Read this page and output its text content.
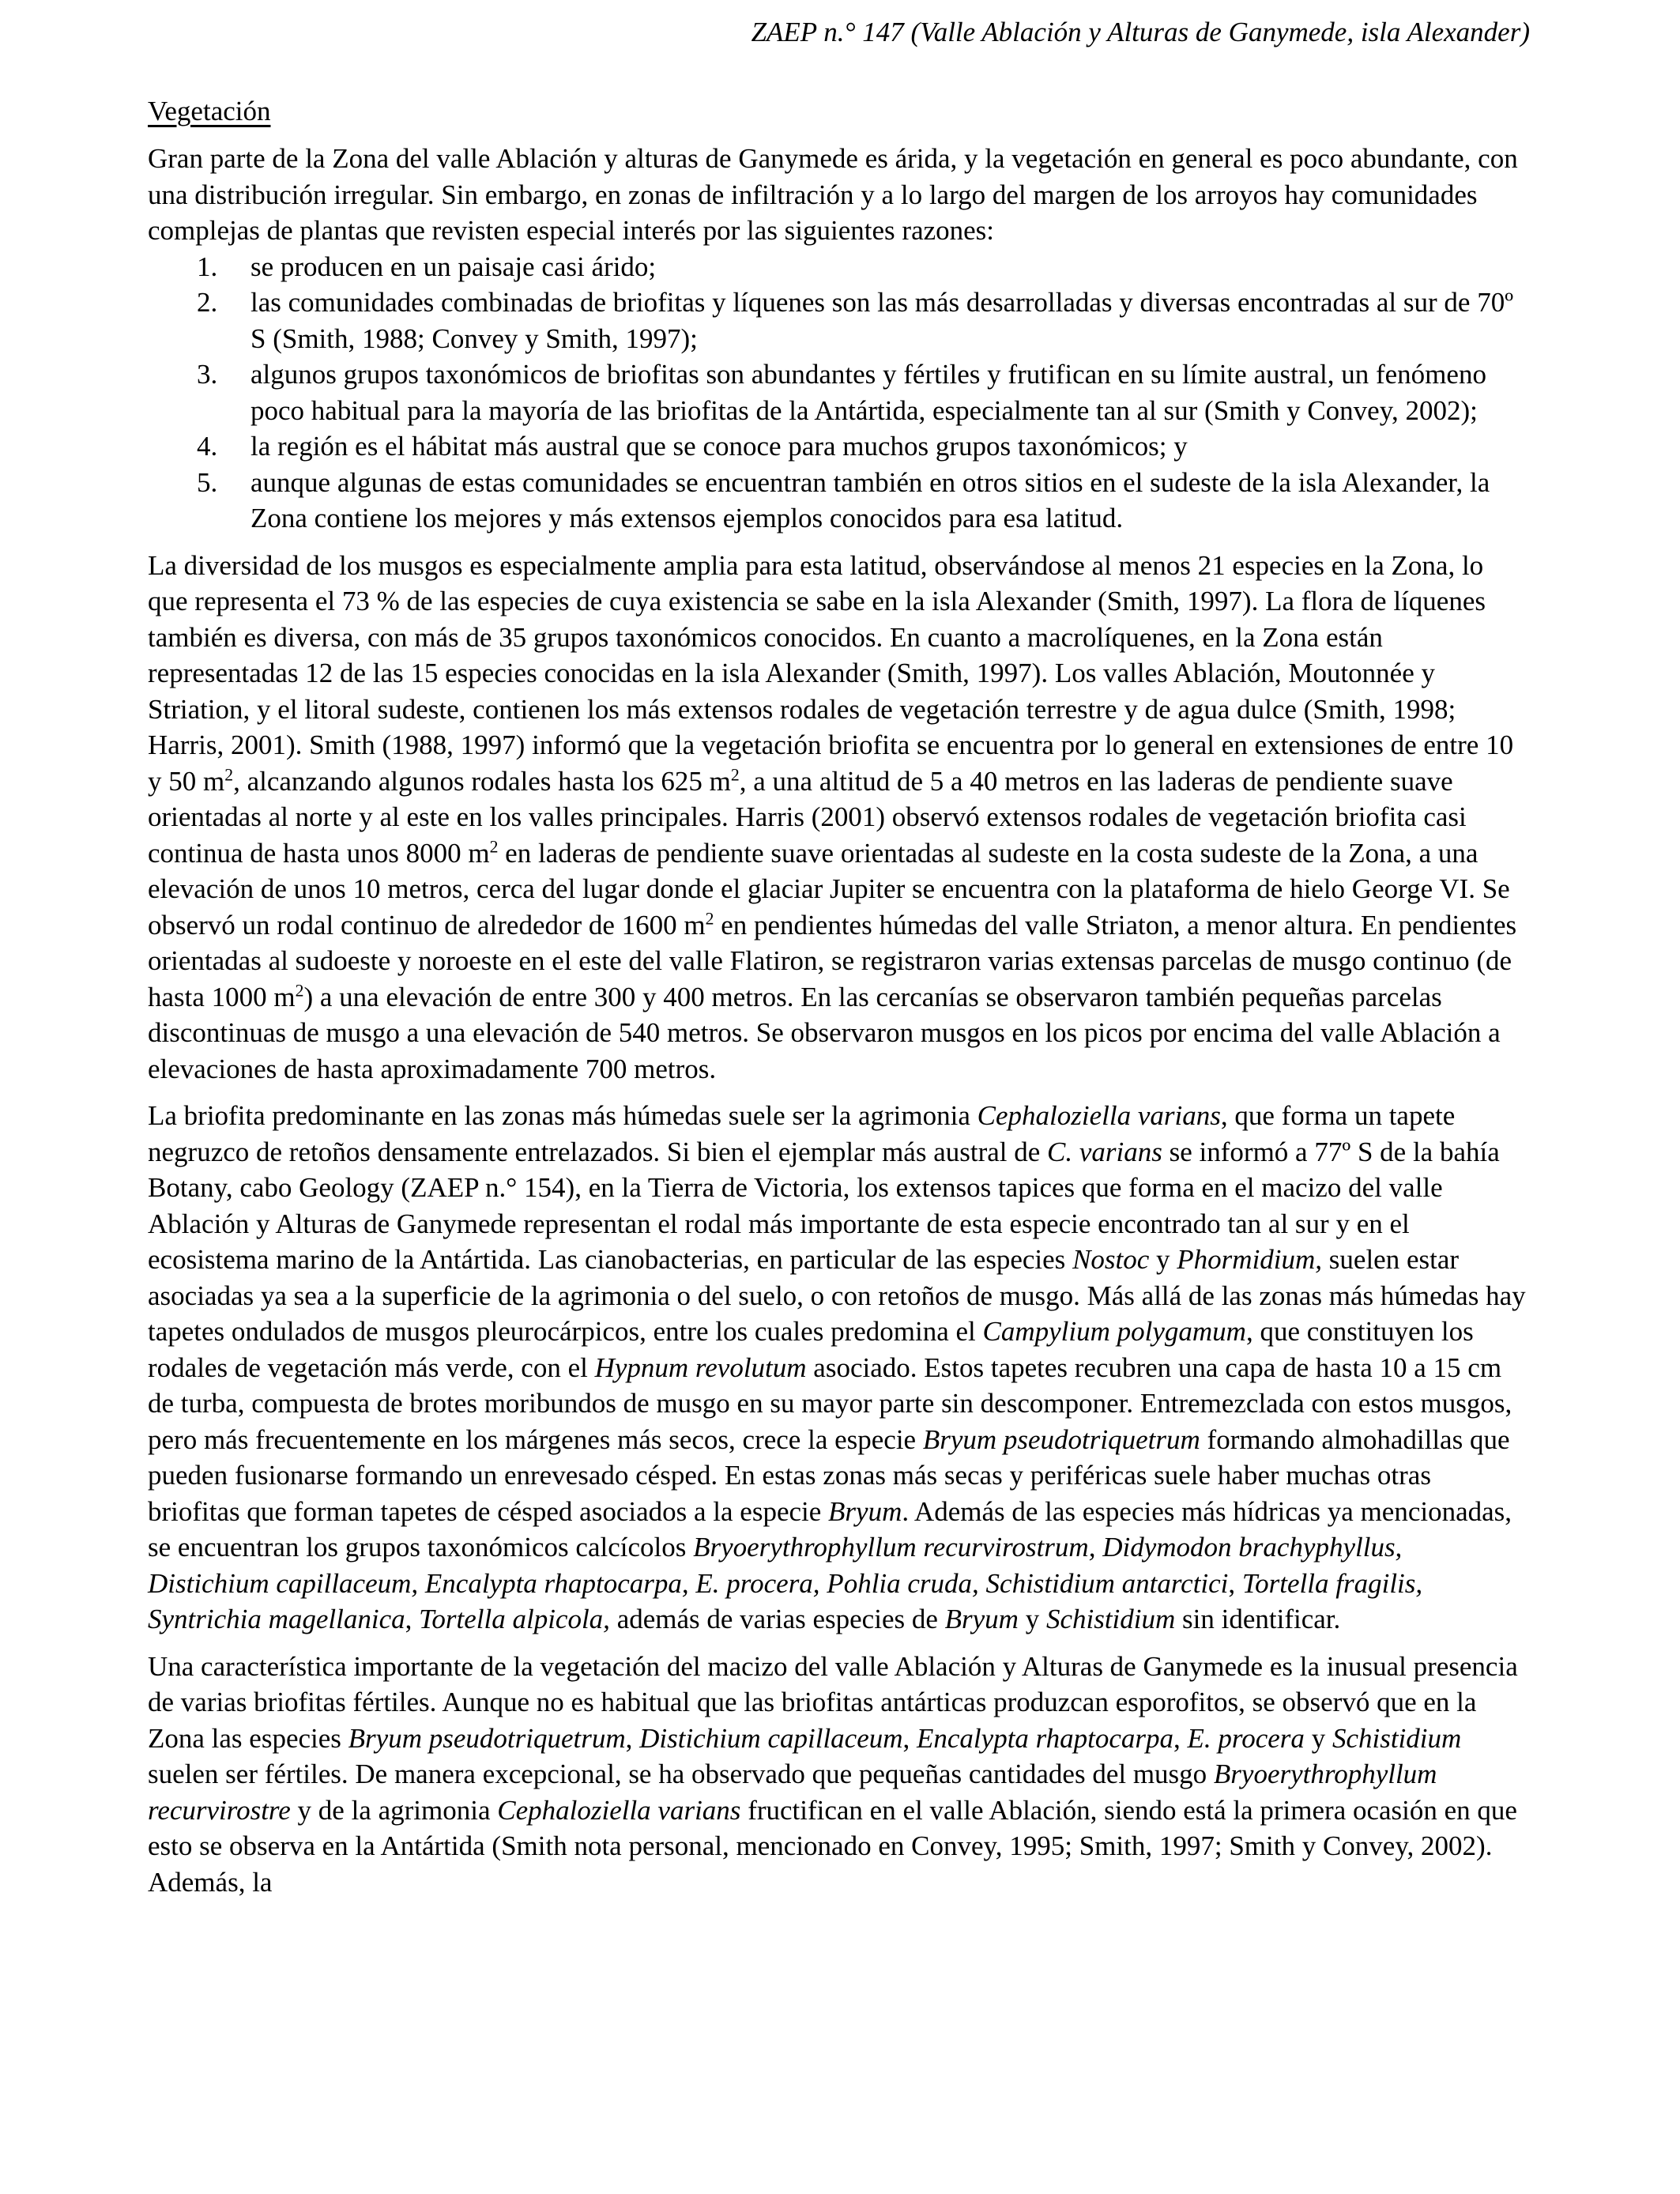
ZAEP n.° 147 (Valle Ablación y Alturas de Ganymede, isla Alexander)
Vegetación

Gran parte de la Zona del valle Ablación y alturas de Ganymede es árida, y la vegetación en general es poco abundante, con una distribución irregular. Sin embargo, en zonas de infiltración y a lo largo del margen de los arroyos hay comunidades complejas de plantas que revisten especial interés por las siguientes razones:

1.	se producen en un paisaje casi árido;
2.	las comunidades combinadas de briofitas y líquenes son las más desarrolladas y diversas encontradas al sur de 70º S (Smith, 1988; Convey y Smith, 1997);
3.	algunos grupos taxonómicos de briofitas son abundantes y fértiles y frutifican en su límite austral, un fenómeno poco habitual para la mayoría de las briofitas de la Antártida, especialmente tan al sur (Smith y Convey, 2002);
4.	la región es el hábitat más austral que se conoce para muchos grupos taxonómicos; y
5.	aunque algunas de estas comunidades se encuentran también en otros sitios en el sudeste de la isla Alexander, la Zona contiene los mejores y más extensos ejemplos conocidos para esa latitud.

La diversidad de los musgos es especialmente amplia para esta latitud, observándose al menos 21 especies en la Zona, lo que representa el 73 % de las especies de cuya existencia se sabe en la isla Alexander (Smith, 1997). La flora de líquenes también es diversa, con más de 35 grupos taxonómicos conocidos. En cuanto a macrolíquenes, en la Zona están representadas 12 de las 15 especies conocidas en la isla Alexander (Smith, 1997). Los valles Ablación, Moutonnée y Striation, y el litoral sudeste, contienen los más extensos rodales de vegetación terrestre y de agua dulce (Smith, 1998; Harris, 2001). Smith (1988, 1997) informó que la vegetación briofita se encuentra por lo general en extensiones de entre 10 y 50 $m^2$, alcanzando algunos rodales hasta los 625 $m^2$, a una altitud de 5 a 40 metros en las laderas de pendiente suave orientadas al norte y al este en los valles principales. Harris (2001) observó extensos rodales de vegetación briofita casi continua de hasta unos 8000 $m^2$ en laderas de pendiente suave orientadas al sudeste en la costa sudeste de la Zona, a una elevación de unos 10 metros, cerca del lugar donde el glaciar Jupiter se encuentra con la plataforma de hielo George VI. Se observó un rodal continuo de alrededor de 1600 $m^2$ en pendientes húmedas del valle Striaton, a menor altura. En pendientes orientadas al sudoeste y noroeste en el este del valle Flatiron, se registraron varias extensas parcelas de musgo continuo (de hasta 1000 $m^2$) a una elevación de entre 300 y 400 metros. En las cercanías se observaron también pequeñas parcelas discontinuas de musgo a una elevación de 540 metros. Se observaron musgos en los picos por encima del valle Ablación a elevaciones de hasta aproximadamente 700 metros.

La briofita predominante en las zonas más húmedas suele ser la agrimonia Cephaloziella varians, que forma un tapete negruzco de retoños densamente entrelazados. Si bien el ejemplar más austral de C. varians se informó a 77º S de la bahía Botany, cabo Geology (ZAEP n.° 154), en la Tierra de Victoria, los extensos tapices que forma en el macizo del valle Ablación y Alturas de Ganymede representan el rodal más importante de esta especie encontrado tan al sur y en el ecosistema marino de la Antártida. Las cianobacterias, en particular de las especies Nostoc y Phormidium, suelen estar asociadas ya sea a la superficie de la agrimonia o del suelo, o con retoños de musgo. Más allá de las zonas más húmedas hay tapetes ondulados de musgos pleurocárpicos, entre los cuales predomina el Campylium polygamum, que constituyen los rodales de vegetación más verde, con el Hypnum revolutum asociado. Estos tapetes recubren una capa de hasta 10 a 15 cm de turba, compuesta de brotes moribundos de musgo en su mayor parte sin descomponer. Entremezclada con estos musgos, pero más frecuentemente en los márgenes más secos, crece la especie Bryum pseudotriquetrum formando almohadillas que pueden fusionarse formando un enrevesado césped. En estas zonas más secas y periféricas suele haber muchas otras briofitas que forman tapetes de césped asociados a la especie Bryum. Además de las especies más hídricas ya mencionadas, se encuentran los grupos taxonómicos calcícolos Bryoerythrophyllum recurvirostrum, Didymodon brachyphyllus, Distichium capillaceum, Encalypta rhaptocarpa, E. procera, Pohlia cruda, Schistidium antarctici, Tortella fragilis, Syntrichia magellanica, Tortella alpicola, además de varias especies de Bryum y Schistidium sin identificar.

Una característica importante de la vegetación del macizo del valle Ablación y Alturas de Ganymede es la inusual presencia de varias briofitas fértiles. Aunque no es habitual que las briofitas antárticas produzcan esporofitos, se observó que en la Zona las especies Bryum pseudotriquetrum, Distichium capillaceum, Encalypta rhaptocarpa, E. procera y Schistidium suelen ser fértiles. De manera excepcional, se ha observado que pequeñas cantidades del musgo Bryoerythrophyllum recurvirostre y de la agrimonia Cephaloziella varians fructifican en el valle Ablación, siendo está la primera ocasión en que esto se observa en la Antártida (Smith nota personal, mencionado en Convey, 1995; Smith, 1997; Smith y Convey, 2002). Además, la
